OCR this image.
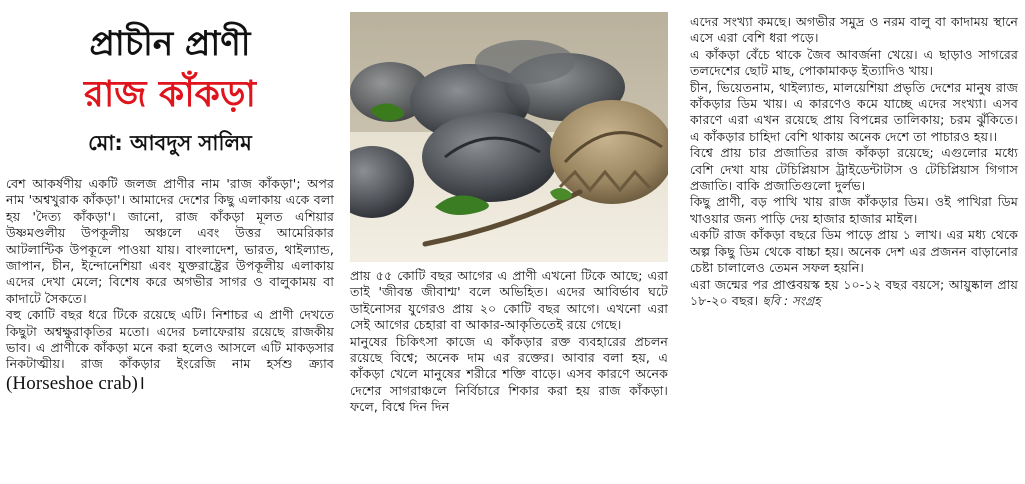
প্রাচীন প্রাণী
রাজ কাঁকড়া
মো: আবদুস সালিম

বেশ আকর্ষণীয় একটি জলজ প্রাণীর নাম 'রাজ কাঁকড়া'; অপর নাম 'অশ্বখুরাক কাঁকড়া'। আমাদের দেশের কিছু এলাকায় একে বলা হয় 'দৈত্য কাঁকড়া'। জানো, রাজ কাঁকড়া মূলত এশিয়ার উষ্ণমণ্ডলীয় উপকূলীয় অঞ্চলে এবং উত্তর আমেরিকার আটলান্টিক উপকূলে পাওয়া যায়। বাংলাদেশ, ভারত, থাইল্যান্ড, জাপান, চীন, ইন্দোনেশিয়া এবং যুক্তরাষ্ট্রের উপকূলীয় এলাকায় এদের দেখা মেলে; বিশেষ করে অগভীর সাগর ও বালুকাময় বা কাদাটে সৈকতে।

বহু কোটি বছর ধরে টিকে রয়েছে এটি। নিশাচর এ প্রাণী দেখতে কিছুটা অশ্বক্ষুরাকৃতির মতো। এদের চলাফেরায় রয়েছে রাজকীয় ভাব। এ প্রাণীকে কাঁকড়া মনে করা হলেও আসলে এটি মাকড়সার নিকটাত্মীয়। রাজ কাঁকড়ার ইংরেজি নাম হর্সশু ক্র্যাব (Horseshoe crab)।

প্রায় ৫৫ কোটি বছর আগের এ প্রাণী এখনো টিকে আছে; এরা তাই 'জীবন্ত জীবাশ্ম' বলে অভিহিত। এদের আবির্ভাব ঘটে ডাইনোসর যুগেরও প্রায় ২০ কোটি বছর আগে। এখনো এরা সেই আগের চেহারা বা আকার-আকৃতিতেই রয়ে গেছে।

মানুষের চিকিৎসা কাজে এ কাঁকড়ার রক্ত ব্যবহারের প্রচলন রয়েছে বিশ্বে; অনেক দাম এর রক্তের। আবার বলা হয়, এ কাঁকড়া খেলে মানুষের শরীরে শক্তি বাড়ে। এসব কারণে অনেক দেশের সাগরাঞ্চলে নির্বিচারে শিকার করা হয় রাজ কাঁকড়া। ফলে, বিশ্বে দিন দিন

এদের সংখ্যা কমছে। অগভীর সমুদ্র ও নরম বালু বা কাদাময় স্থানে এসে এরা বেশি ধরা পড়ে।

এ কাঁকড়া বেঁচে থাকে জৈব আবর্জনা খেয়ে। এ ছাড়াও সাগরের তলদেশের ছোট মাছ, পোকামাকড় ইত্যাদিও খায়।

চীন, ভিয়েতনাম, থাইল্যান্ড, মালয়েশিয়া প্রভৃতি দেশের মানুষ রাজ কাঁকড়ার ডিম খায়। এ কারণেও কমে যাচ্ছে এদের সংখ্যা। এসব কারণে এরা এখন রয়েছে প্রায় বিপন্নের তালিকায়; চরম ঝুঁকিতে। এ কাঁকড়ার চাহিদা বেশি থাকায় অনেক দেশে তা পাচারও হয়।।

বিশ্বে প্রায় চার প্রজাতির রাজ কাঁকড়া রয়েছে; এগুলোর মধ্যে বেশি দেখা যায় টেচিপ্লিয়াস ট্রাইডেন্টাটাস ও টেচিপ্লিয়াস গিগাস প্রজাতি। বাকি প্রজাতিগুলো দুর্লভ।

কিছু প্রাণী, বড় পাখি খায় রাজ কাঁকড়ার ডিম। ওই পাখিরা ডিম খাওয়ার জন্য পাড়ি দেয় হাজার হাজার মাইল।

একটি রাজ কাঁকড়া বছরে ডিম পাড়ে প্রায় ১ লাখ। এর মধ্য থেকে অল্প কিছু ডিম থেকে বাচ্চা হয়। অনেক দেশ এর প্রজনন বাড়ানোর চেষ্টা চালালেও তেমন সফল হয়নি।

এরা জন্মের পর প্রাপ্তবয়স্ক হয় ১০-১২ বছর বয়সে; আয়ুষ্কাল প্রায় ১৮-২০ বছর। ছবি : সংগ্রহ
